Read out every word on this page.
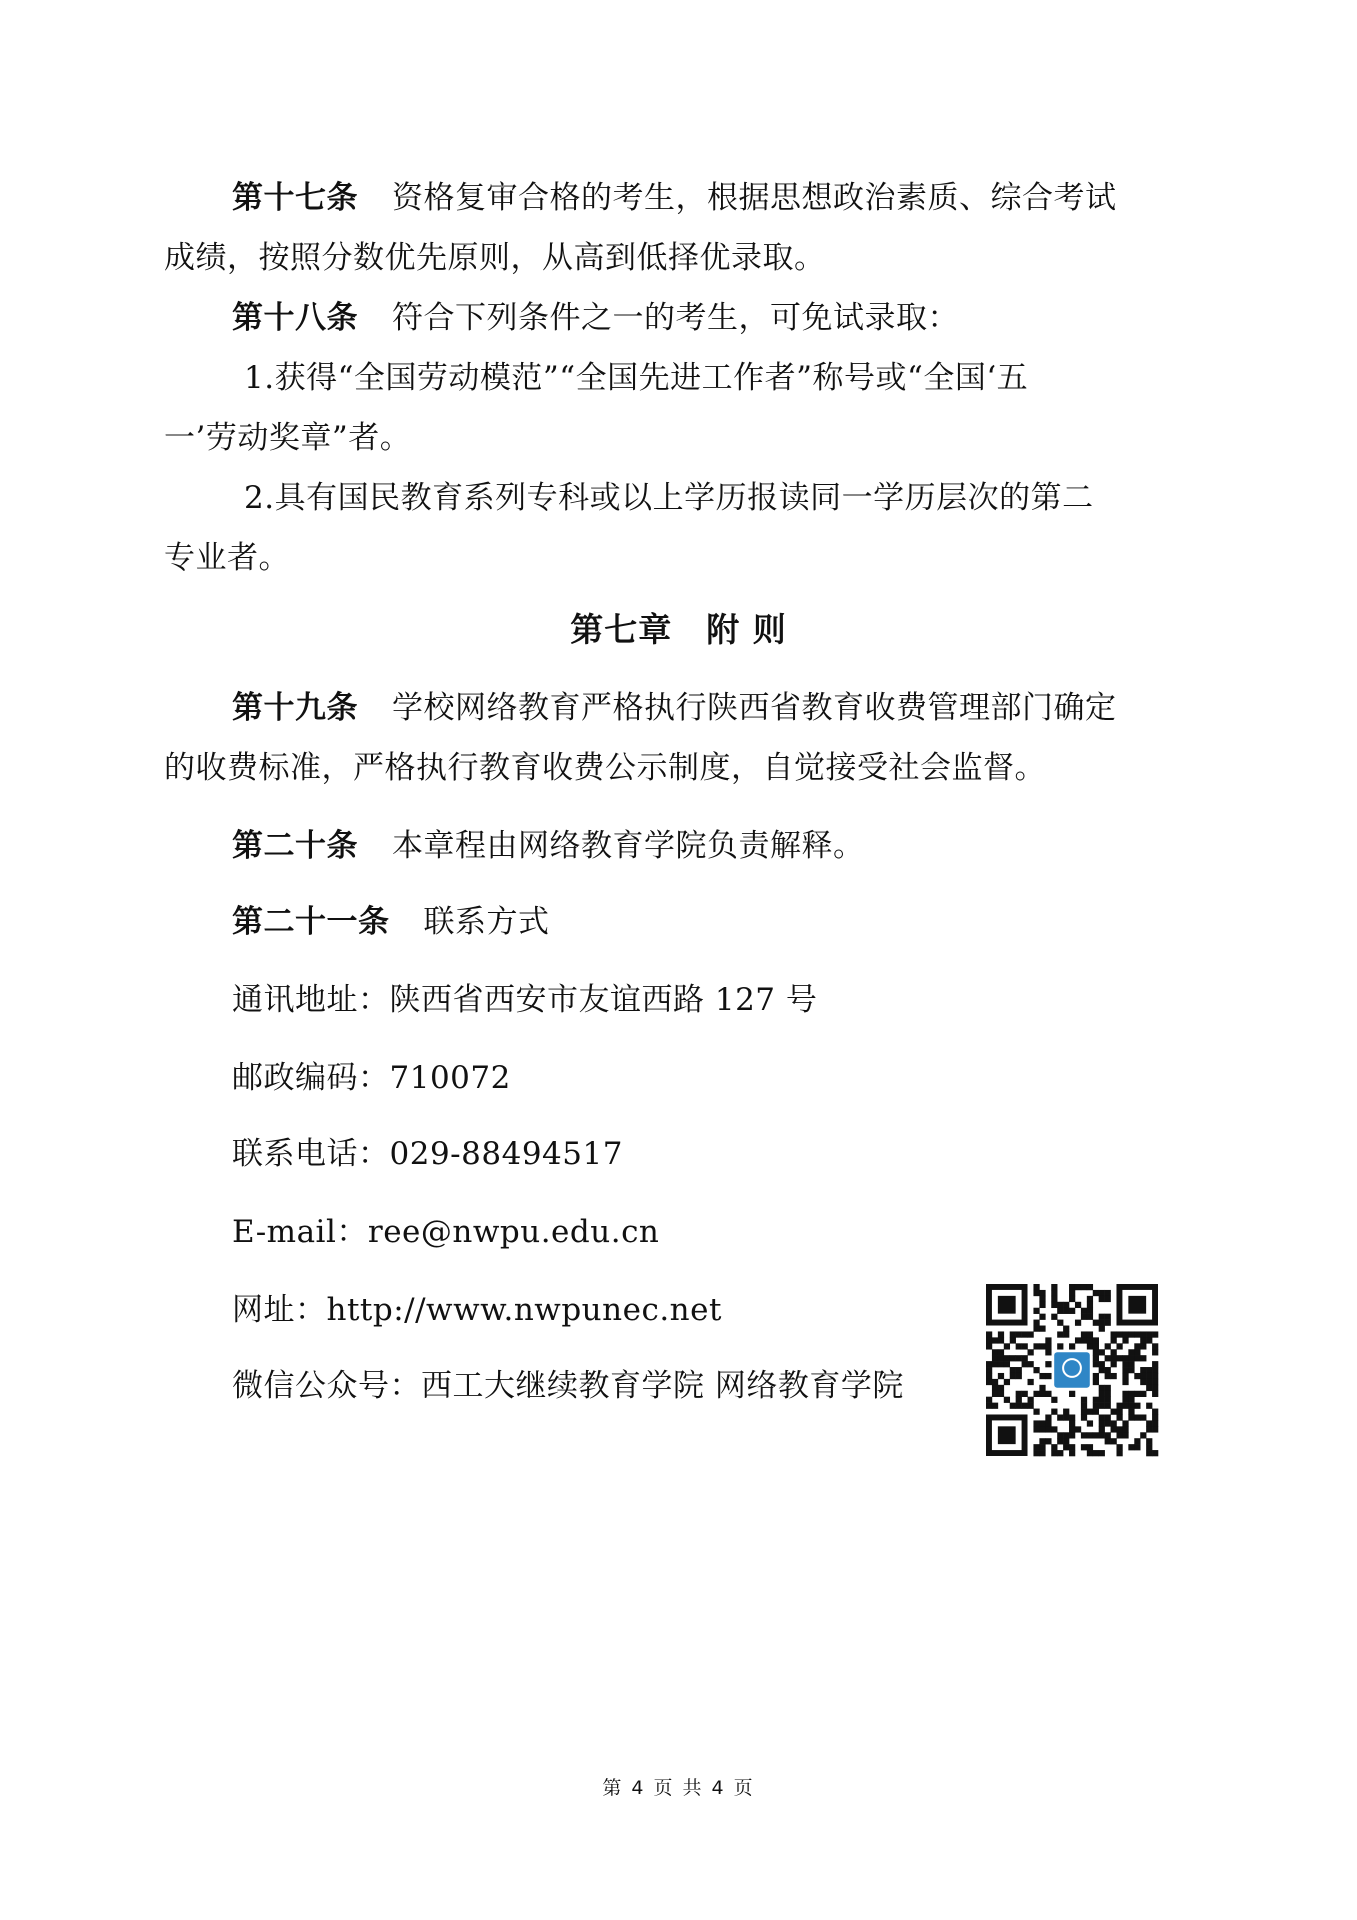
第十七条 资格复审合格的考生，根据思想政治素质、综合考试
成绩，按照分数优先原则，从高到低择优录取。
第十八条 符合下列条件之一的考生，可免试录取：
1.获得“全国劳动模范”“全国先进工作者”称号或“全国‘五
一’劳动奖章”者。
2.具有国民教育系列专科或以上学历报读同一学历层次的第二
专业者。
第七章　附 则
第十九条 学校网络教育严格执行陕西省教育收费管理部门确定
的收费标准，严格执行教育收费公示制度，自觉接受社会监督。
第二十条 本章程由网络教育学院负责解释。
第二十一条 联系方式
通讯地址：陕西省西安市友谊西路 127 号
邮政编码：710072
联系电话：029-88494517
E-mail：ree@nwpu.edu.cn
网址：http://www.nwpunec.net
微信公众号：西工大继续教育学院 网络教育学院
第 4 页 共 4 页
